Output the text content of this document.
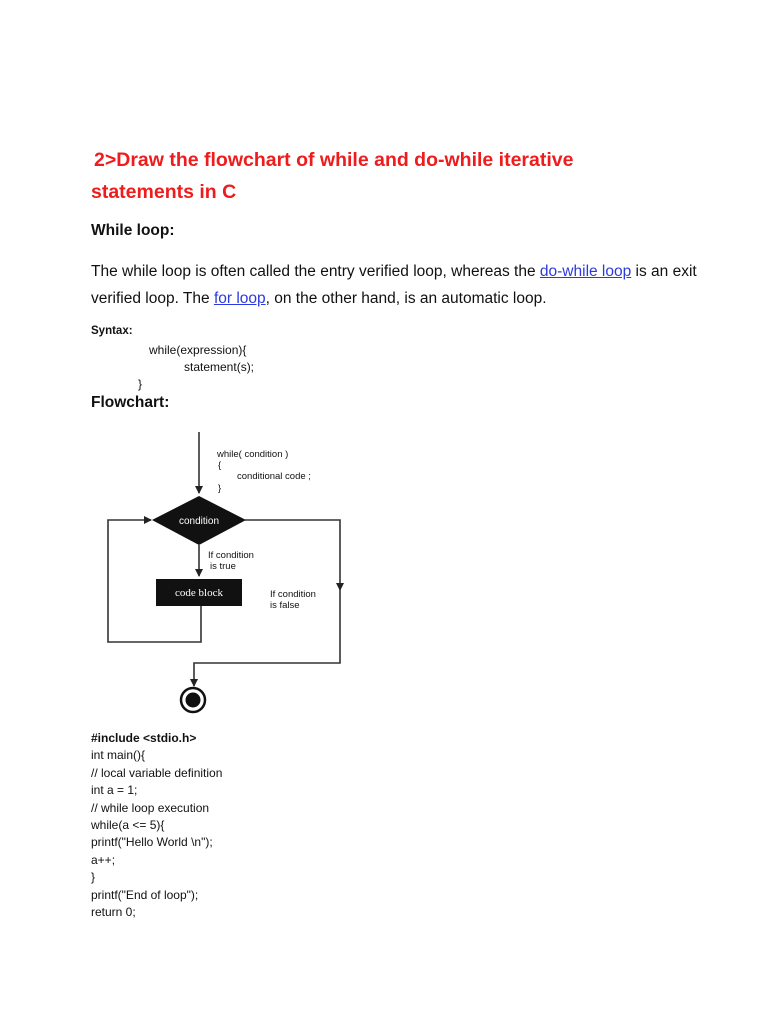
2>Draw the flowchart of while and do-while iterative
statements in C
While loop:

The while loop is often called the entry verified loop, whereas the do-while loop is an exit verified loop. The for loop, on the other hand, is an automatic loop.

Syntax:
while(expression){
statement(s);
}
Flowchart:
condition
code block
while( condition )
{
conditional code ;
}
If condition
is true
If condition
is false
#include <stdio.h>
int main(){
// local variable definition
int a = 1;
// while loop execution
while(a <= 5){
printf("Hello World \n");
a++;
}
printf("End of loop");
return 0;
